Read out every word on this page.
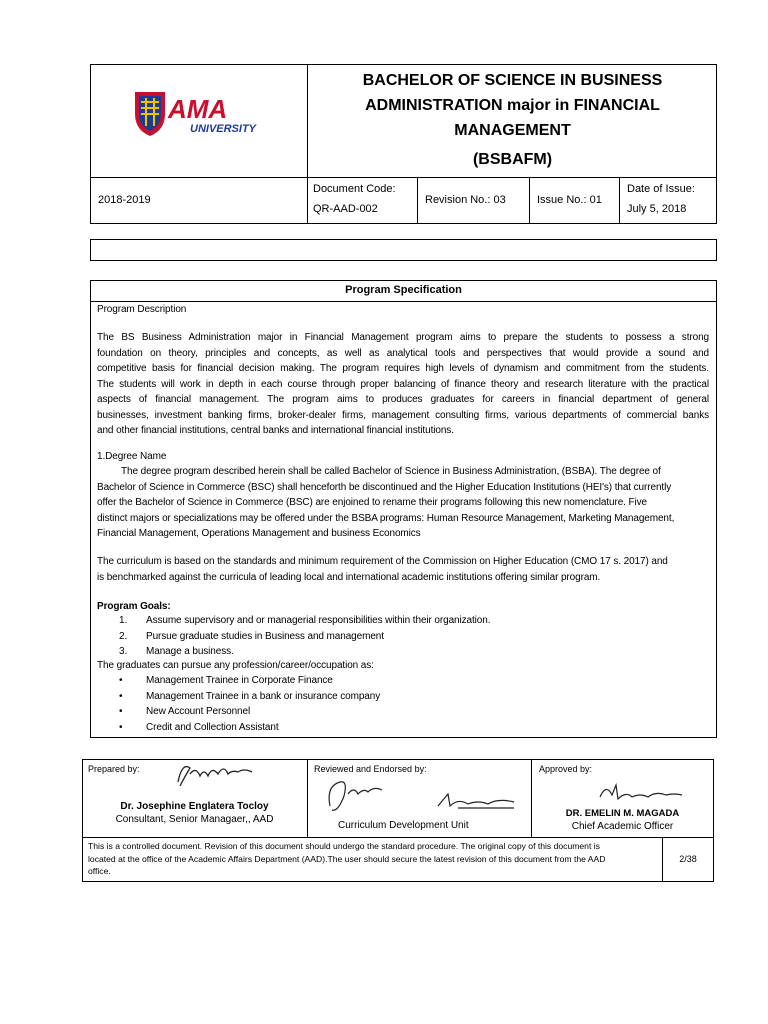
AMA
UNIVERSITY
BACHELOR OF SCIENCE IN BUSINESS
ADMINISTRATION major in FINANCIAL
MANAGEMENT
(BSBAFM)
2018-2019
Document Code:
QR-AAD-002
Revision No.: 03	Issue No.: 01
Date of Issue:
July 5, 2018
Program Specification
Program Description
The BS Business Administration major in Financial Management program aims to prepare the students to possess a strong
foundation on theory, principles and concepts, as well as analytical tools and perspectives that would provide a sound and
competitive basis for financial decision making. The program requires high levels of dynamism and commitment from the students.
The students will work in depth in each course through proper balancing of finance theory and research literature with the practical
aspects of financial management. The program aims to produces graduates for careers in financial department of general
businesses, investment banking firms, broker-dealer firms, management consulting firms, various departments of commercial banks
and other financial institutions, central banks and international financial institutions.
1.Degree Name
The degree program described herein shall be called Bachelor of Science in Business Administration, (BSBA). The degree of
Bachelor of Science in Commerce (BSC) shall henceforth be discontinued and the Higher Education Institutions (HEI's) that currently
offer the Bachelor of Science in Commerce (BSC) are enjoined to rename their programs following this new nomenclature. Five
distinct majors or specializations may be offered under the BSBA programs: Human Resource Management, Marketing Management,
Financial Management, Operations Management and business Economics
The curriculum is based on the standards and minimum requirement of the Commission on Higher Education (CMO 17 s. 2017) and
is benchmarked against the curricula of leading local and international academic institutions offering similar program.
Program Goals:
1. Assume supervisory and or managerial responsibilities within their organization.
2. Pursue graduate studies in Business and management
3. Manage a business.
The graduates can pursue any profession/career/occupation as:
• Management Trainee in Corporate Finance
• Management Trainee in a bank or insurance company
• New Account Personnel
• Credit and Collection Assistant
Prepared by:
Dr. Josephine Englatera Tocloy
Consultant, Senior Managaer,, AAD
Reviewed and Endorsed by:
Curriculum Development Unit
Approved by:
DR. EMELIN M. MAGADA
Chief Academic Officer
This is a controlled document. Revision of this document should undergo the standard procedure. The original copy of this document is
located at the office of the Academic Affairs Department (AAD).The user should secure the latest revision of this document from the AAD
office.
2/38
